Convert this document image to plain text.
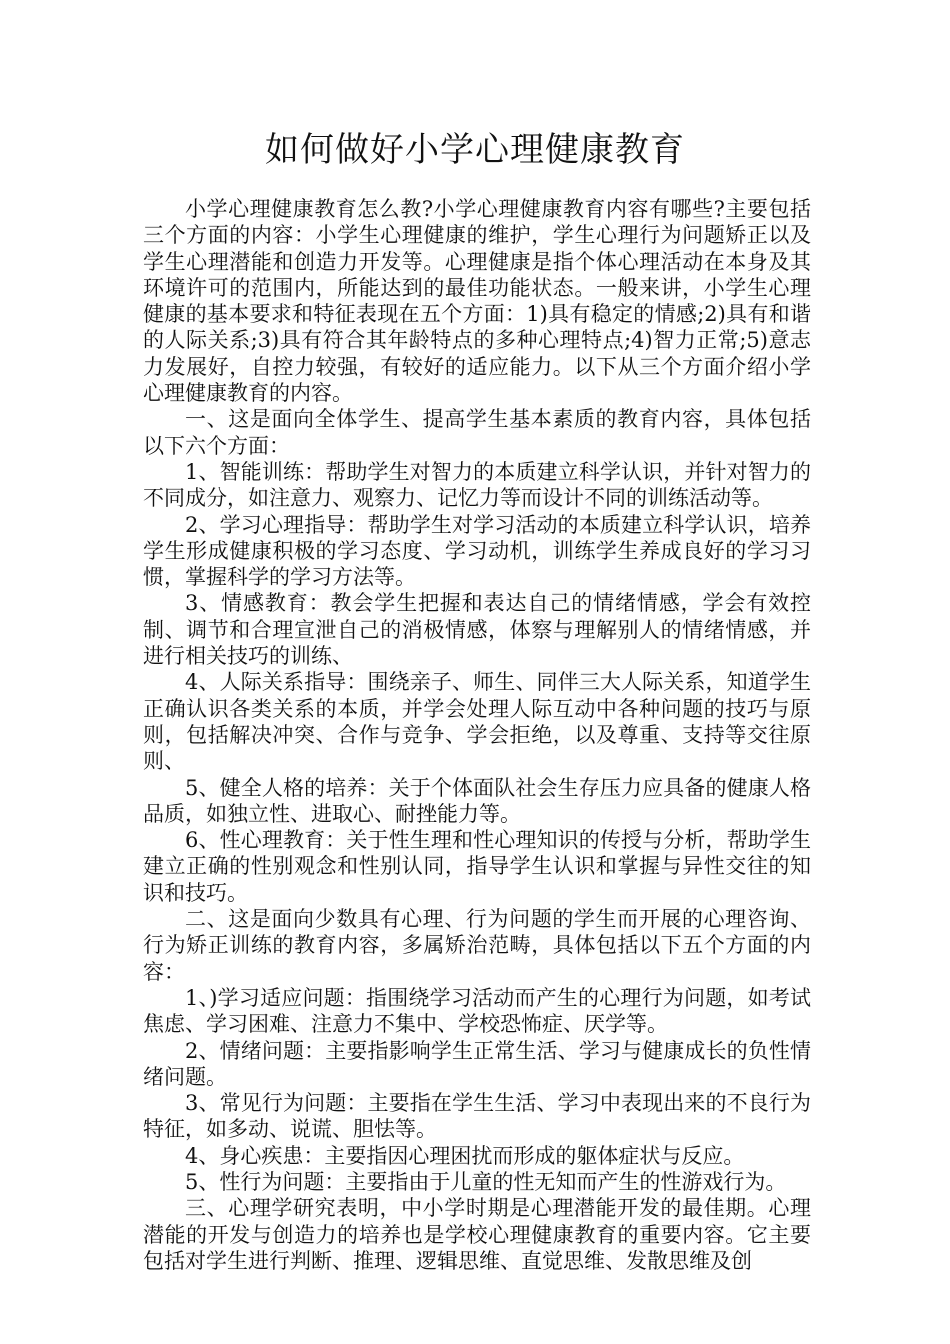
如何做好小学心理健康教育

小学心理健康教育怎么教?小学心理健康教育内容有哪些?主要包括三个方面的内容：小学生心理健康的维护，学生心理行为问题矫正以及学生心理潜能和创造力开发等。心理健康是指个体心理活动在本身及其环境许可的范围内，所能达到的最佳功能状态。一般来讲，小学生心理健康的基本要求和特征表现在五个方面：1)具有稳定的情感;2)具有和谐的人际关系;3)具有符合其年龄特点的多种心理特点;4)智力正常;5)意志力发展好，自控力较强，有较好的适应能力。以下从三个方面介绍小学心理健康教育的内容。

一、这是面向全体学生、提高学生基本素质的教育内容，具体包括以下六个方面：

1、智能训练：帮助学生对智力的本质建立科学认识，并针对智力的不同成分，如注意力、观察力、记忆力等而设计不同的训练活动等。

2、学习心理指导：帮助学生对学习活动的本质建立科学认识，培养学生形成健康积极的学习态度、学习动机，训练学生养成良好的学习习惯，掌握科学的学习方法等。

3、情感教育：教会学生把握和表达自己的情绪情感，学会有效控制、调节和合理宣泄自己的消极情感，体察与理解别人的情绪情感，并进行相关技巧的训练、

4、人际关系指导：围绕亲子、师生、同伴三大人际关系，知道学生正确认识各类关系的本质，并学会处理人际互动中各种问题的技巧与原则，包括解决冲突、合作与竞争、学会拒绝，以及尊重、支持等交往原则、

5、健全人格的培养：关于个体面队社会生存压力应具备的健康人格品质，如独立性、进取心、耐挫能力等。

6、性心理教育：关于性生理和性心理知识的传授与分析，帮助学生建立正确的性别观念和性别认同，指导学生认识和掌握与异性交往的知识和技巧。

二、这是面向少数具有心理、行为问题的学生而开展的心理咨询、行为矫正训练的教育内容，多属矫治范畴，具体包括以下五个方面的内容：

1、)学习适应问题：指围绕学习活动而产生的心理行为问题，如考试焦虑、学习困难、注意力不集中、学校恐怖症、厌学等。

2、情绪问题：主要指影响学生正常生活、学习与健康成长的负性情绪问题。

3、常见行为问题：主要指在学生生活、学习中表现出来的不良行为特征，如多动、说谎、胆怯等。

4、身心疾患：主要指因心理困扰而形成的躯体症状与反应。

5、性行为问题：主要指由于儿童的性无知而产生的性游戏行为。

三、心理学研究表明，中小学时期是心理潜能开发的最佳期。心理潜能的开发与创造力的培养也是学校心理健康教育的重要内容。它主要包括对学生进行判断、推理、逻辑思维、直觉思维、发散思维及创
